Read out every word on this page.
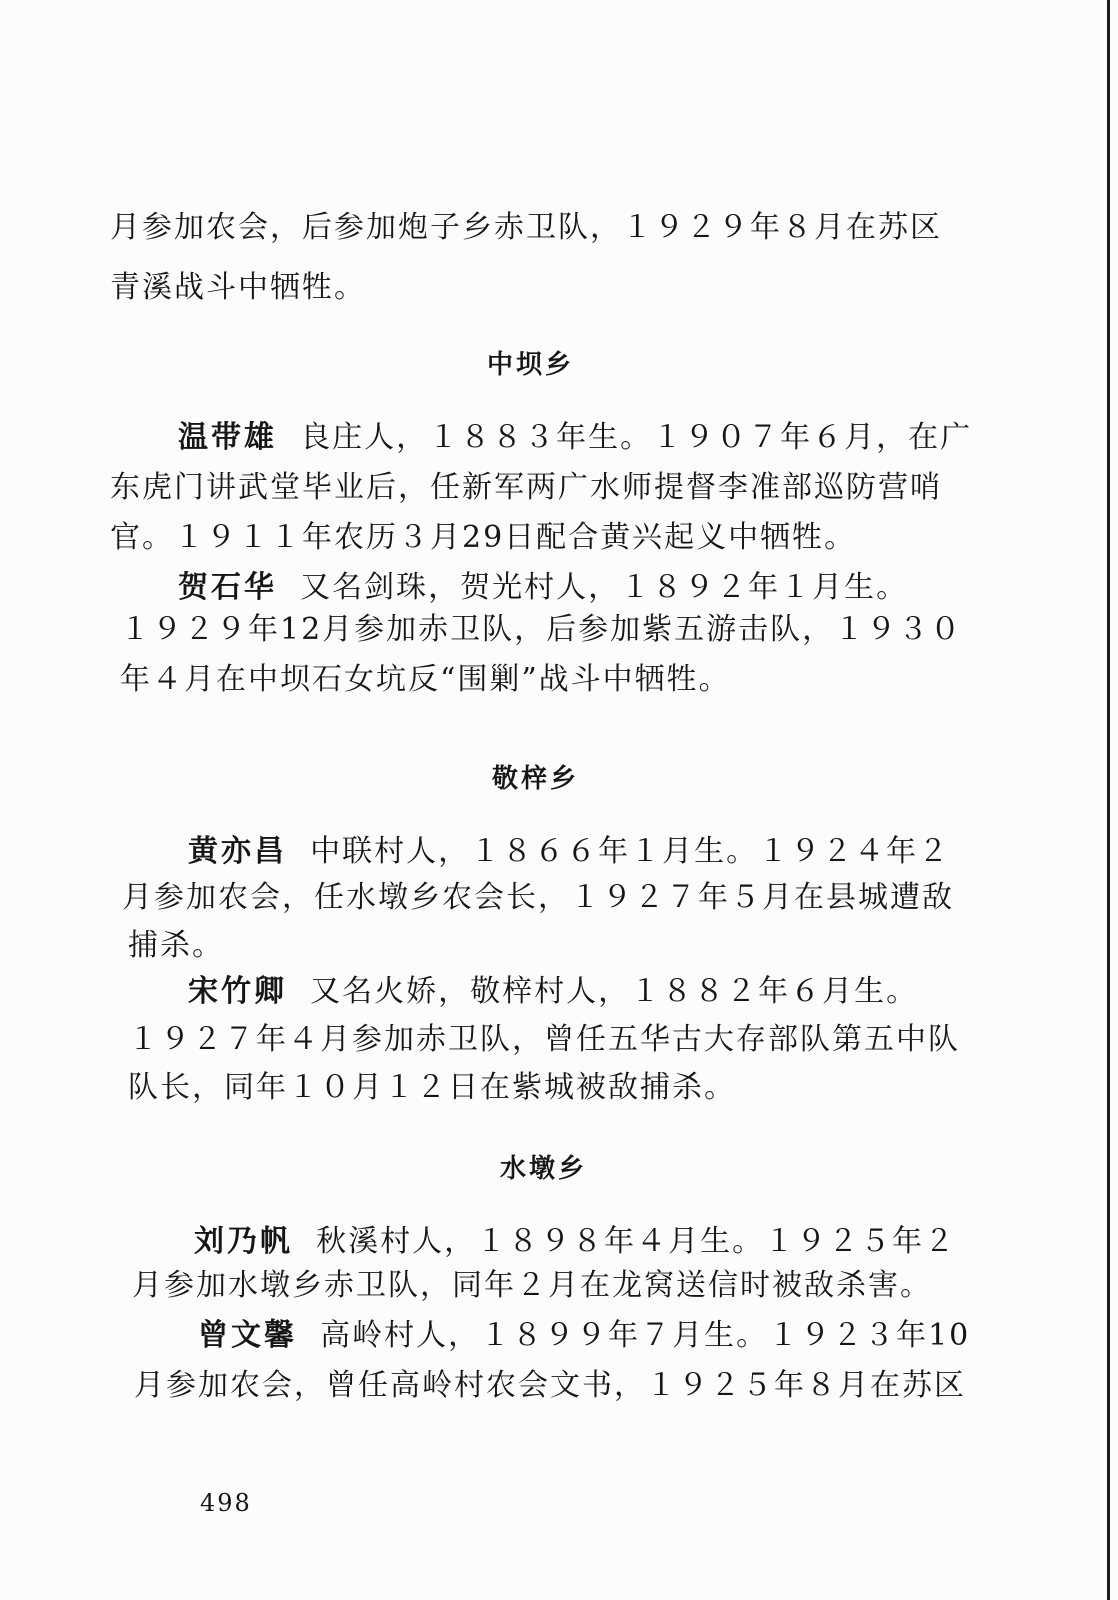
月参加农会，后参加炮子乡赤卫队，１９２９年８月在苏区
青溪战斗中牺牲。
中坝乡
温带雄 良庄人，１８８３年生。１９０７年６月，在广
东虎门讲武堂毕业后，任新军两广水师提督李准部巡防营哨
官。１９１１年农历３月29日配合黄兴起义中牺牲。
贺石华 又名剑珠，贺光村人，１８９２年１月生。
１９２９年12月参加赤卫队，后参加紫五游击队，１９３０
年４月在中坝石女坑反“围剿”战斗中牺牲。
敬梓乡
黄亦昌 中联村人，１８６６年１月生。１９２４年２
月参加农会，任水墩乡农会长，１９２７年５月在县城遭敌
捕杀。
宋竹卿 又名火娇，敬梓村人，１８８２年６月生。
１９２７年４月参加赤卫队，曾任五华古大存部队第五中队
队长，同年１０月１２日在紫城被敌捕杀。
水墩乡
刘乃帆 秋溪村人，１８９８年４月生。１９２５年２
月参加水墩乡赤卫队，同年２月在龙窝送信时被敌杀害。
曾文馨 高岭村人，１８９９年７月生。１９２３年10
月参加农会，曾任高岭村农会文书，１９２５年８月在苏区
498
